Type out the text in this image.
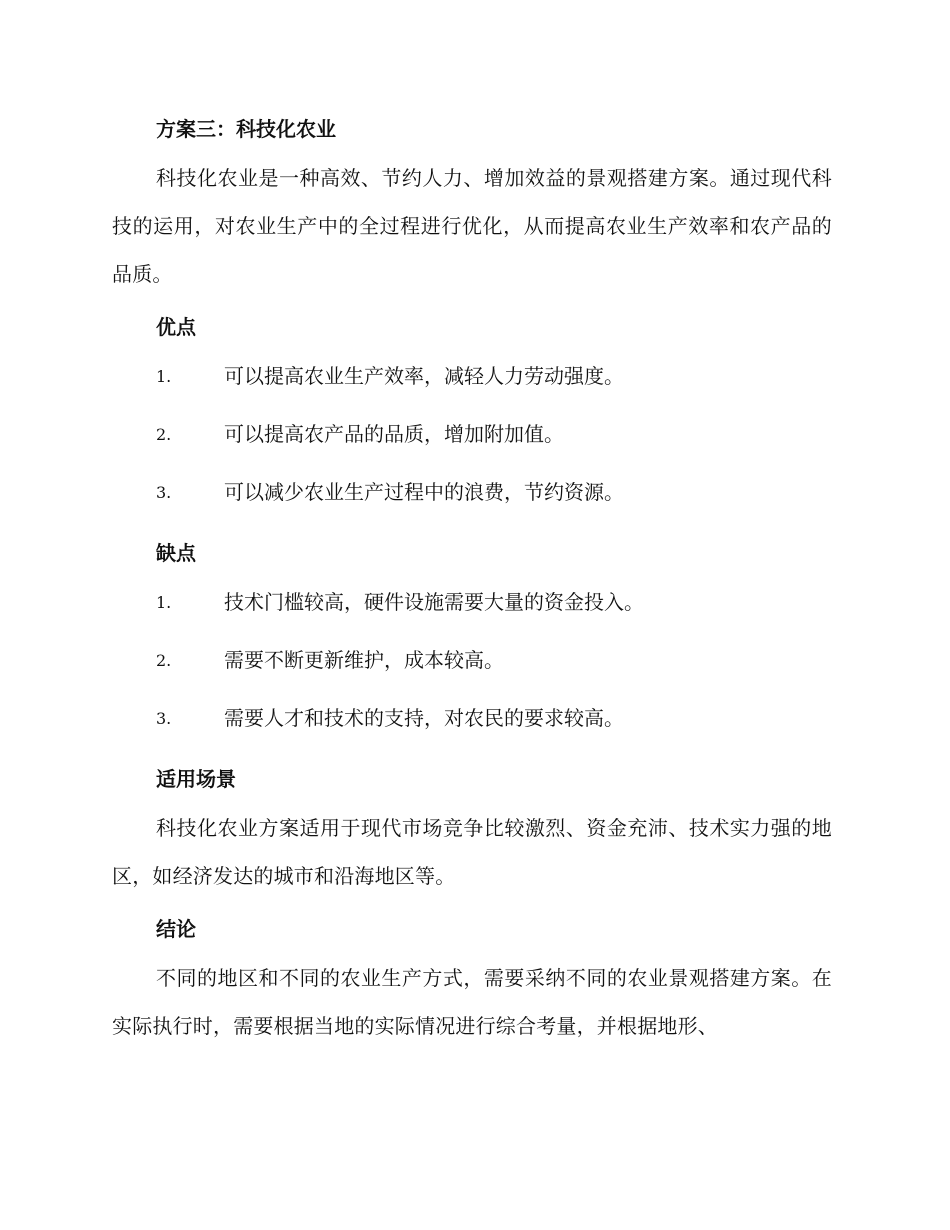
方案三：科技化农业

科技化农业是一种高效、节约人力、增加效益的景观搭建方案。通过现代科技的运用，对农业生产中的全过程进行优化，从而提高农业生产效率和农产品的品质。

优点
1.	可以提高农业生产效率，减轻人力劳动强度。
2.	可以提高农产品的品质，增加附加值。
3.	可以减少农业生产过程中的浪费，节约资源。
缺点
1.	技术门槛较高，硬件设施需要大量的资金投入。
2.	需要不断更新维护，成本较高。
3.	需要人才和技术的支持，对农民的要求较高。
适用场景

科技化农业方案适用于现代市场竞争比较激烈、资金充沛、技术实力强的地区，如经济发达的城市和沿海地区等。

结论

不同的地区和不同的农业生产方式，需要采纳不同的农业景观搭建方案。在实际执行时，需要根据当地的实际情况进行综合考量，并根据地形、
